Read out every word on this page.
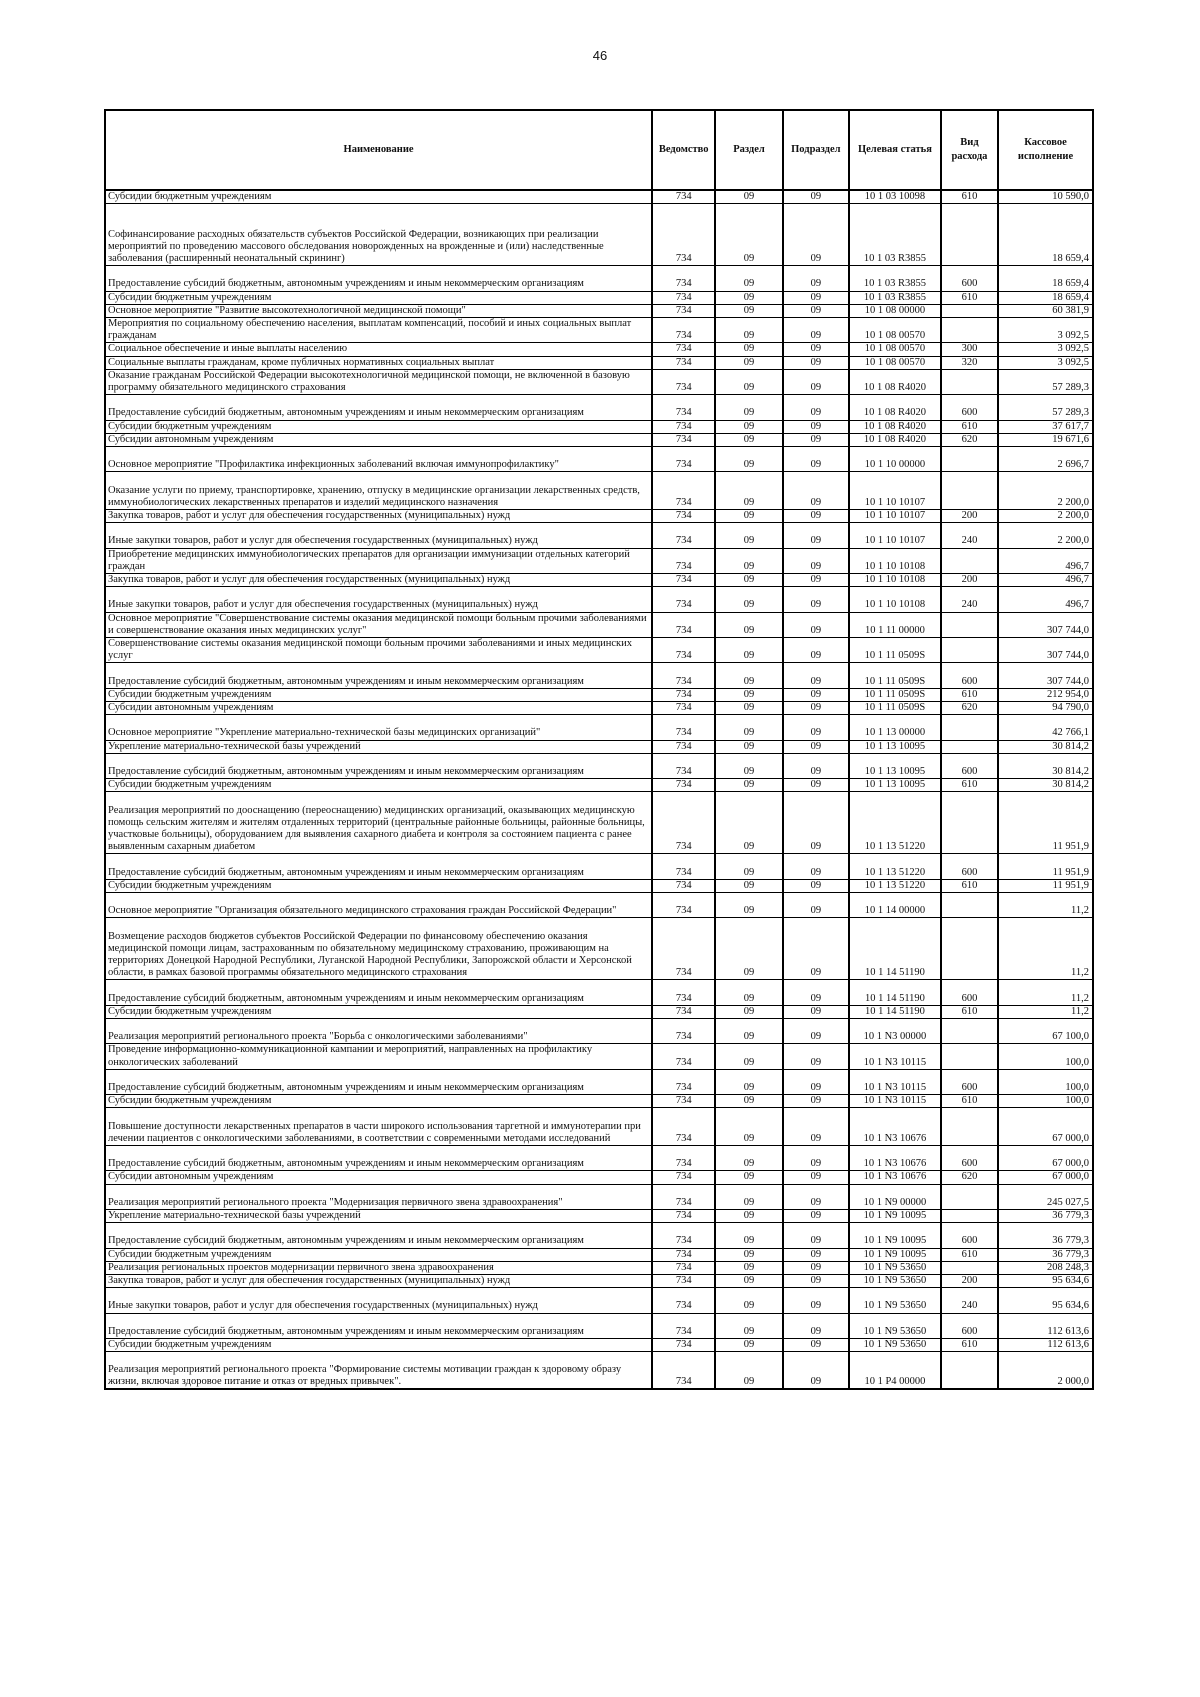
46
Наименование	Ведомство	Раздел	Подраздел	Целевая статья	Вид расхода	Кассовое исполнение
Субсидии бюджетным учреждениям	734	09	09	10 1 03 10098	610	10 590,0
Софинансирование расходных обязательств субъектов Российской Федерации, возникающих при реализации мероприятий по проведению массового обследования новорожденных на врожденные и (или) наследственные заболевания (расширенный неонатальный скрининг)	734	09	09	10 1 03 R3855		18 659,4
Предоставление субсидий бюджетным, автономным учреждениям и иным некоммерческим организациям	734	09	09	10 1 03 R3855	600	18 659,4
Субсидии бюджетным учреждениям	734	09	09	10 1 03 R3855	610	18 659,4
Основное мероприятие "Развитие высокотехнологичной медицинской помощи"	734	09	09	10 1 08 00000		60 381,9
Мероприятия по социальному обеспечению населения, выплатам компенсаций, пособий и иных социальных выплат гражданам	734	09	09	10 1 08 00570		3 092,5
Социальное обеспечение и иные выплаты населению	734	09	09	10 1 08 00570	300	3 092,5
Социальные выплаты гражданам, кроме публичных нормативных социальных выплат	734	09	09	10 1 08 00570	320	3 092,5
Оказание гражданам Российской Федерации высокотехнологичной медицинской помощи, не включенной в базовую программу обязательного медицинского страхования	734	09	09	10 1 08 R4020		57 289,3
Предоставление субсидий бюджетным, автономным учреждениям и иным некоммерческим организациям	734	09	09	10 1 08 R4020	600	57 289,3
Субсидии бюджетным учреждениям	734	09	09	10 1 08 R4020	610	37 617,7
Субсидии автономным учреждениям	734	09	09	10 1 08 R4020	620	19 671,6
Основное мероприятие "Профилактика инфекционных заболеваний включая иммунопрофилактику"	734	09	09	10 1 10 00000		2 696,7
Оказание услуги по приему, транспортировке, хранению, отпуску в медицинские организации лекарственных средств, иммунобиологических лекарственных препаратов и изделий медицинского назначения	734	09	09	10 1 10 10107		2 200,0
Закупка товаров, работ и услуг для обеспечения государственных (муниципальных) нужд	734	09	09	10 1 10 10107	200	2 200,0
Иные закупки товаров, работ и услуг для обеспечения государственных (муниципальных) нужд	734	09	09	10 1 10 10107	240	2 200,0
Приобретение медицинских иммунобиологических препаратов для организации иммунизации отдельных категорий граждан	734	09	09	10 1 10 10108		496,7
Закупка товаров, работ и услуг для обеспечения государственных (муниципальных) нужд	734	09	09	10 1 10 10108	200	496,7
Иные закупки товаров, работ и услуг для обеспечения государственных (муниципальных) нужд	734	09	09	10 1 10 10108	240	496,7
Основное мероприятие "Совершенствование системы оказания медицинской помощи больным прочими заболеваниями и совершенствование оказания иных медицинских услуг"	734	09	09	10 1 11 00000		307 744,0
Совершенствование системы оказания медицинской помощи больным прочими заболеваниями и иных медицинских услуг	734	09	09	10 1 11 0509S		307 744,0
Предоставление субсидий бюджетным, автономным учреждениям и иным некоммерческим организациям	734	09	09	10 1 11 0509S	600	307 744,0
Субсидии бюджетным учреждениям	734	09	09	10 1 11 0509S	610	212 954,0
Субсидии автономным учреждениям	734	09	09	10 1 11 0509S	620	94 790,0
Основное мероприятие "Укрепление материально-технической базы медицинских организаций"	734	09	09	10 1 13 00000		42 766,1
Укрепление материально-технической базы учреждений	734	09	09	10 1 13 10095		30 814,2
Предоставление субсидий бюджетным, автономным учреждениям и иным некоммерческим организациям	734	09	09	10 1 13 10095	600	30 814,2
Субсидии бюджетным учреждениям	734	09	09	10 1 13 10095	610	30 814,2
Реализация мероприятий по дооснащению (переоснащению) медицинских организаций, оказывающих медицинскую помощь сельским жителям и жителям отдаленных территорий (центральные районные больницы, районные больницы, участковые больницы), оборудованием для выявления сахарного диабета и контроля за состоянием пациента с ранее выявленным сахарным диабетом	734	09	09	10 1 13 51220		11 951,9
Предоставление субсидий бюджетным, автономным учреждениям и иным некоммерческим организациям	734	09	09	10 1 13 51220	600	11 951,9
Субсидии бюджетным учреждениям	734	09	09	10 1 13 51220	610	11 951,9
Основное мероприятие "Организация обязательного медицинского страхования граждан Российской Федерации"	734	09	09	10 1 14 00000		11,2
Возмещение расходов бюджетов субъектов Российской Федерации по финансовому обеспечению оказания медицинской помощи лицам, застрахованным по обязательному медицинскому страхованию, проживающим на территориях Донецкой Народной Республики, Луганской Народной Республики, Запорожской области и Херсонской области, в рамках базовой программы обязательного медицинского страхования	734	09	09	10 1 14 51190		11,2
Предоставление субсидий бюджетным, автономным учреждениям и иным некоммерческим организациям	734	09	09	10 1 14 51190	600	11,2
Субсидии бюджетным учреждениям	734	09	09	10 1 14 51190	610	11,2
Реализация мероприятий регионального проекта "Борьба с онкологическими заболеваниями"	734	09	09	10 1 N3 00000		67 100,0
Проведение информационно-коммуникационной кампании и мероприятий, направленных на профилактику онкологических заболеваний	734	09	09	10 1 N3 10115		100,0
Предоставление субсидий бюджетным, автономным учреждениям и иным некоммерческим организациям	734	09	09	10 1 N3 10115	600	100,0
Субсидии бюджетным учреждениям	734	09	09	10 1 N3 10115	610	100,0
Повышение доступности лекарственных препаратов в части широкого использования таргетной и иммунотерапии при лечении пациентов с онкологическими заболеваниями, в соответствии с современными методами исследований	734	09	09	10 1 N3 10676		67 000,0
Предоставление субсидий бюджетным, автономным учреждениям и иным некоммерческим организациям	734	09	09	10 1 N3 10676	600	67 000,0
Субсидии автономным учреждениям	734	09	09	10 1 N3 10676	620	67 000,0
Реализация мероприятий регионального проекта "Модернизация первичного звена здравоохранения"	734	09	09	10 1 N9 00000		245 027,5
Укрепление материально-технической базы учреждений	734	09	09	10 1 N9 10095		36 779,3
Предоставление субсидий бюджетным, автономным учреждениям и иным некоммерческим организациям	734	09	09	10 1 N9 10095	600	36 779,3
Субсидии бюджетным учреждениям	734	09	09	10 1 N9 10095	610	36 779,3
Реализация региональных проектов модернизации первичного звена здравоохранения	734	09	09	10 1 N9 53650		208 248,3
Закупка товаров, работ и услуг для обеспечения государственных (муниципальных) нужд	734	09	09	10 1 N9 53650	200	95 634,6
Иные закупки товаров, работ и услуг для обеспечения государственных (муниципальных) нужд	734	09	09	10 1 N9 53650	240	95 634,6
Предоставление субсидий бюджетным, автономным учреждениям и иным некоммерческим организациям	734	09	09	10 1 N9 53650	600	112 613,6
Субсидии бюджетным учреждениям	734	09	09	10 1 N9 53650	610	112 613,6
Реализация мероприятий регионального проекта "Формирование системы мотивации граждан к здоровому образу жизни, включая здоровое питание и отказ от вредных привычек".	734	09	09	10 1 P4 00000		2 000,0
